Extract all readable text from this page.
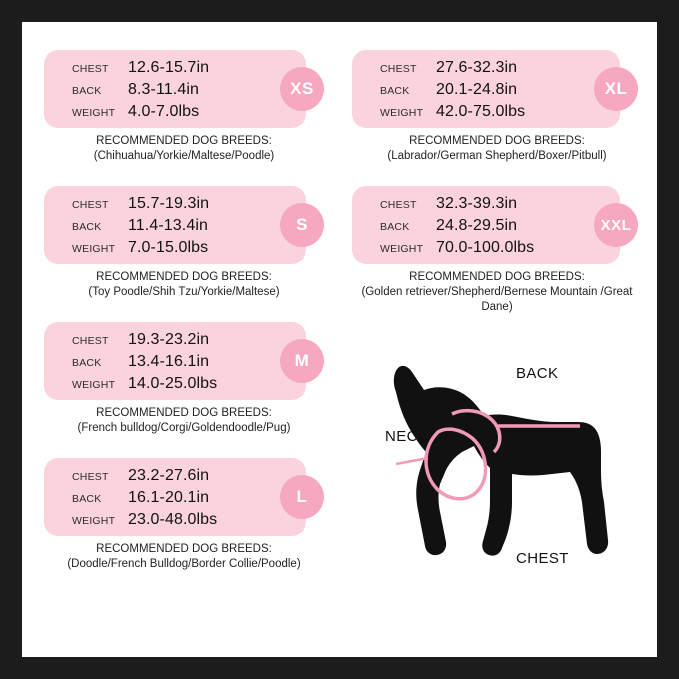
CHEST	12.6-15.7in
BACK	8.3-11.4in
WEIGHT 4.0-7.0lbs
XS
RECOMMENDED DOG BREEDS:
(Chihuahua/Yorkie/Maltese/Poodle)
CHEST	15.7-19.3in
BACK	11.4-13.4in
WEIGHT 7.0-15.0lbs
S
RECOMMENDED DOG BREEDS:
(Toy Poodle/Shih Tzu/Yorkie/Maltese)
CHEST	19.3-23.2in
BACK	13.4-16.1in
WEIGHT 14.0-25.0lbs
M
RECOMMENDED DOG BREEDS:
(French bulldog/Corgi/Goldendoodle/Pug)
CHEST	23.2-27.6in
BACK	16.1-20.1in
WEIGHT 23.0-48.0lbs
L
RECOMMENDED DOG BREEDS:
(Doodle/French Bulldog/Border Collie/Poodle)
CHEST	27.6-32.3in
BACK	20.1-24.8in
WEIGHT 42.0-75.0lbs
XL
RECOMMENDED DOG BREEDS:
(Labrador/German Shepherd/Boxer/Pitbull)
CHEST	32.3-39.3in
BACK	24.8-29.5in
WEIGHT 70.0-100.0lbs
XXL
RECOMMENDED DOG BREEDS:
(Golden retriever/Shepherd/Bernese Mountain /Great Dane)
BACK
NECK
CHEST
